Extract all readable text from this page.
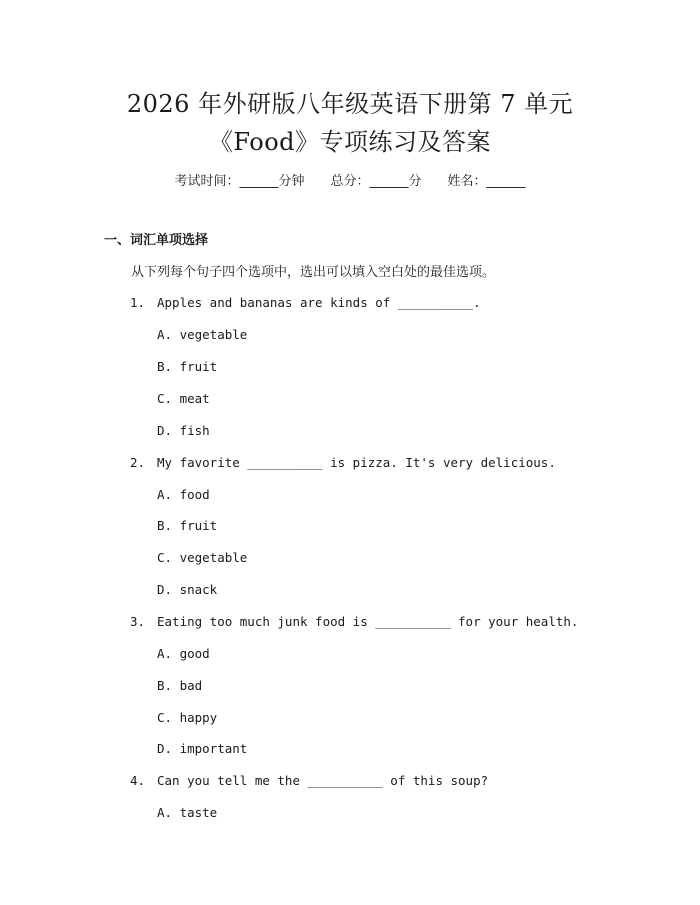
2026 年外研版八年级英语下册第 7 单元
《Food》专项练习及答案
考试时间：______分钟 总分：______分 姓名：______
一、词汇单项选择
从下列每个句子四个选项中，选出可以填入空白处的最佳选项。
1. Apples and bananas are kinds of __________.
A. vegetable
B. fruit
C. meat
D. fish
2. My favorite __________ is pizza. It's very delicious.
A. food
B. fruit
C. vegetable
D. snack
3. Eating too much junk food is __________ for your health.
A. good
B. bad
C. happy
D. important
4. Can you tell me the __________ of this soup?
A. taste
